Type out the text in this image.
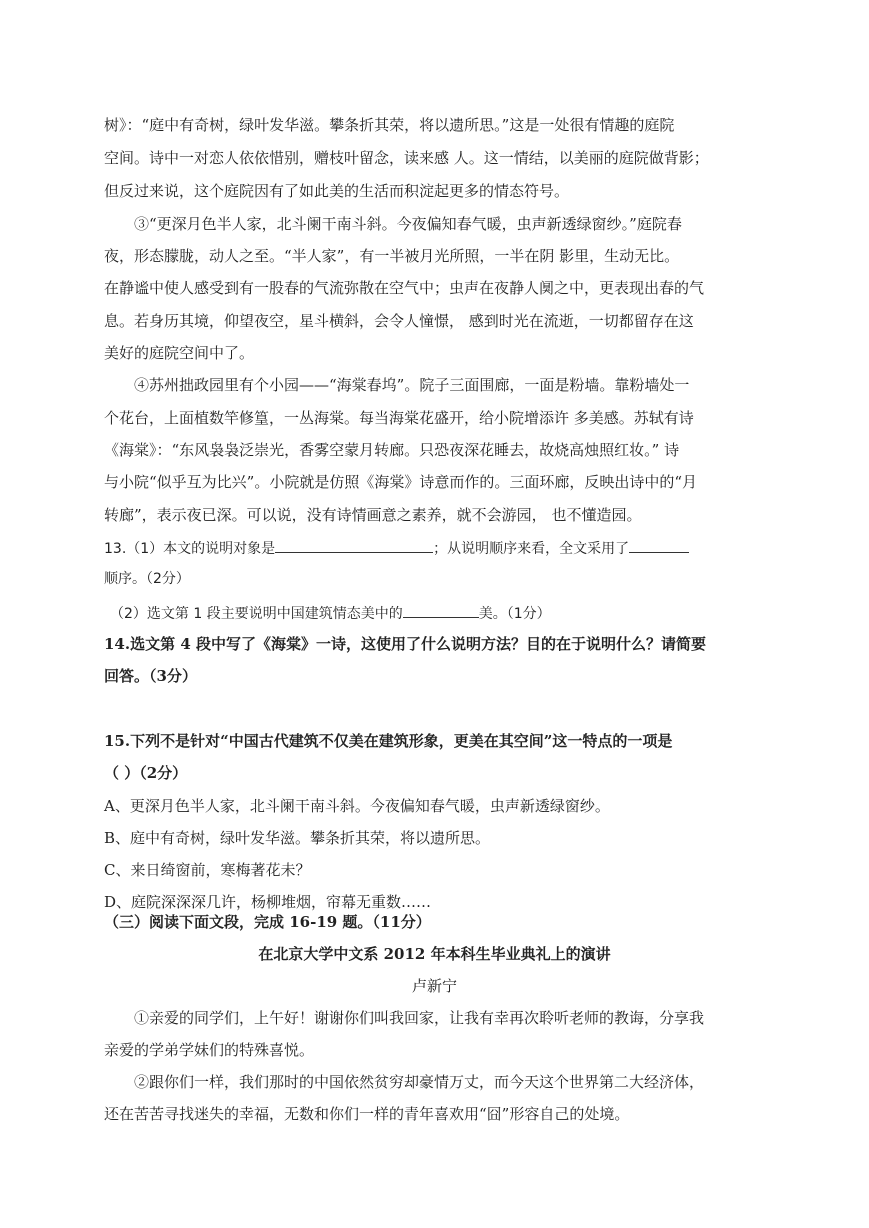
树》：“庭中有奇树，绿叶发华滋。攀条折其荣，将以遗所思。”这是一处很有情趣的庭院
空间。诗中一对恋人依依惜别，赠枝叶留念，读来感 人。这一情结，以美丽的庭院做背影；
但反过来说，这个庭院因有了如此美的生活而积淀起更多的情态符号。
③“更深月色半人家，北斗阑干南斗斜。今夜偏知春气暖，虫声新透绿窗纱。”庭院春
夜，形态朦胧，动人之至。“半人家”，有一半被月光所照，一半在阴 影里，生动无比。
在静谧中使人感受到有一股春的气流弥散在空气中；虫声在夜静人阒之中，更表现出春的气
息。若身历其境，仰望夜空，星斗横斜，会令人憧憬， 感到时光在流逝，一切都留存在这
美好的庭院空间中了。
④苏州拙政园里有个小园——“海棠春坞”。院子三面围廊，一面是粉墙。靠粉墙处一
个花台，上面植数竿修篁，一丛海棠。每当海棠花盛开，给小院增添许 多美感。苏轼有诗
《海棠》：“东风袅袅泛崇光，香雾空蒙月转廊。只恐夜深花睡去，故烧高烛照红妆。” 诗
与小院“似乎互为比兴”。小院就是仿照《海棠》诗意而作的。三面环廊，反映出诗中的“月
转廊”，表示夜已深。可以说，没有诗情画意之素养，就不会游园， 也不懂造园。
13.（1）本文的说明对象是	；从说明顺序来看，全文采用了
顺序。（2分）
（2）选文第 1 段主要说明中国建筑情态美中的	美。（1分）
14.选文第 4 段中写了《海棠》一诗，这使用了什么说明方法？目的在于说明什么？请简要
回答。（3分）
15.下列不是针对“中国古代建筑不仅美在建筑形象，更美在其空间”这一特点的一项是
（ ）（2分）
A、更深月色半人家，北斗阑干南斗斜。今夜偏知春气暖，虫声新透绿窗纱。
B、庭中有奇树，绿叶发华滋。攀条折其荣，将以遗所思。
C、来日绮窗前，寒梅著花未？
D、庭院深深深几许，杨柳堆烟，帘幕无重数……
（三）阅读下面文段，完成 16-19 题。（11分）
在北京大学中文系 2012 年本科生毕业典礼上的演讲
卢新宁
①亲爱的同学们，上午好！谢谢你们叫我回家，让我有幸再次聆听老师的教诲，分享我
亲爱的学弟学妹们的特殊喜悦。
②跟你们一样，我们那时的中国依然贫穷却豪情万丈，而今天这个世界第二大经济体，
还在苦苦寻找迷失的幸福，无数和你们一样的青年喜欢用“囧”形容自己的处境。
